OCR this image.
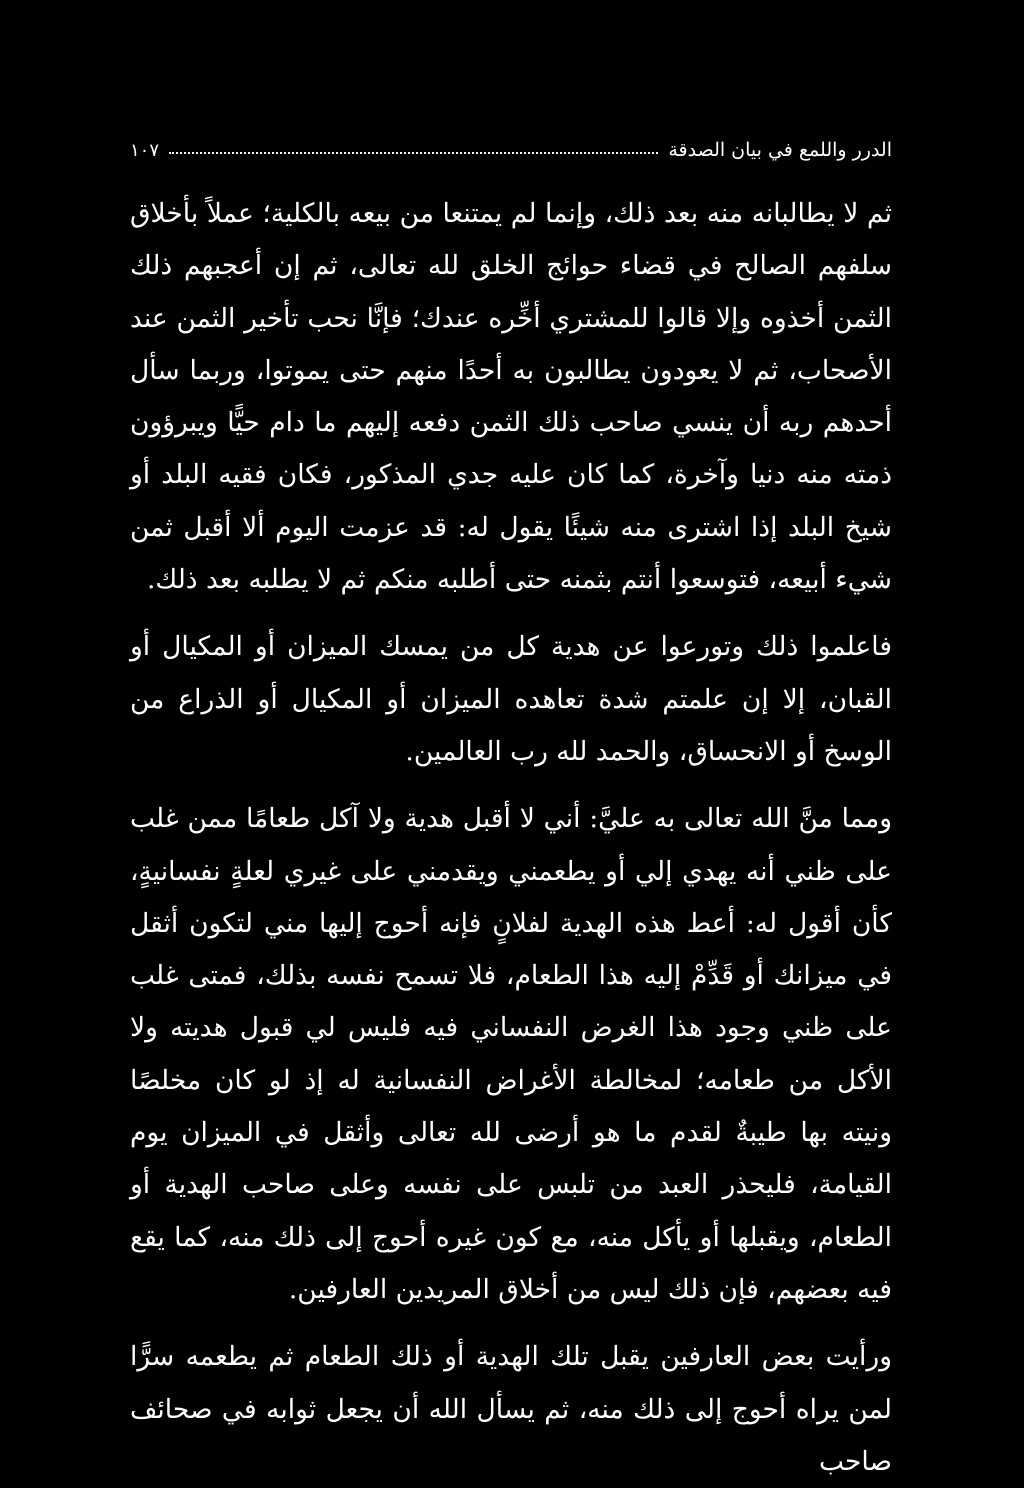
الدرر واللمع في بيان الصدقة
١٠٧

ثم لا يطالبانه منه بعد ذلك، وإنما لم يمتنعا من بيعه بالكلية؛ عملاً بأخلاق سلفهم الصالح في قضاء حوائج الخلق لله تعالى، ثم إن أعجبهم ذلك الثمن أخذوه وإلا قالوا للمشتري أخِّره عندك؛ فإنَّا نحب تأخير الثمن عند الأصحاب، ثم لا يعودون يطالبون به أحدًا منهم حتى يموتوا، وربما سأل أحدهم ربه أن ينسي صاحب ذلك الثمن دفعه إليهم ما دام حيًّا ويبرؤون ذمته منه دنيا وآخرة، كما كان عليه جدي المذكور، فكان فقيه البلد أو شيخ البلد إذا اشترى منه شيئًا يقول له: قد عزمت اليوم ألا أقبل ثمن شيء أبيعه، فتوسعوا أنتم بثمنه حتى أطلبه منكم ثم لا يطلبه بعد ذلك.

فاعلموا ذلك وتورعوا عن هدية كل من يمسك الميزان أو المكيال أو القبان، إلا إن علمتم شدة تعاهده الميزان أو المكيال أو الذراع من الوسخ أو الانحساق، والحمد لله رب العالمين.

ومما منَّ الله تعالى به عليَّ: أني لا أقبل هدية ولا آكل طعامًا ممن غلب على ظني أنه يهدي إلي أو يطعمني ويقدمني على غيري لعلةٍ نفسانيةٍ، كأن أقول له: أعط هذه الهدية لفلانٍ فإنه أحوج إليها مني لتكون أثقل في ميزانك أو قَدِّمْ إليه هذا الطعام، فلا تسمح نفسه بذلك، فمتى غلب على ظني وجود هذا الغرض النفساني فيه فليس لي قبول هديته ولا الأكل من طعامه؛ لمخالطة الأغراض النفسانية له إذ لو كان مخلصًا ونيته بها طيبةٌ لقدم ما هو أرضى لله تعالى وأثقل في الميزان يوم القيامة، فليحذر العبد من تلبس على نفسه وعلى صاحب الهدية أو الطعام، ويقبلها أو يأكل منه، مع كون غيره أحوج إلى ذلك منه، كما يقع فيه بعضهم، فإن ذلك ليس من أخلاق المريدين العارفين.

ورأيت بعض العارفين يقبل تلك الهدية أو ذلك الطعام ثم يطعمه سرًّا لمن يراه أحوج إلى ذلك منه، ثم يسأل الله أن يجعل ثوابه في صحائف صاحب
